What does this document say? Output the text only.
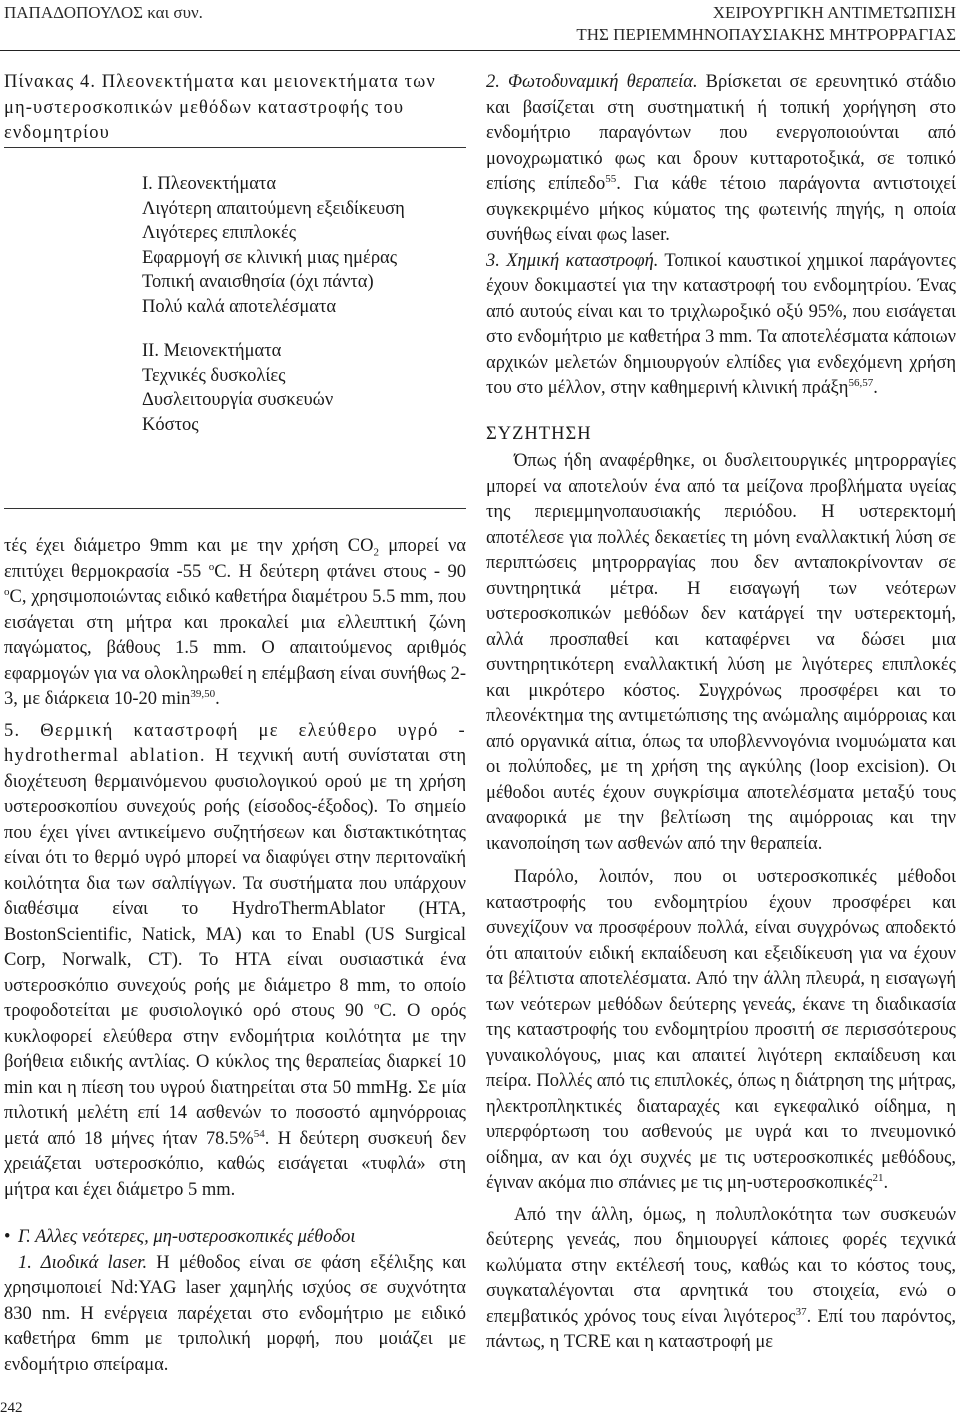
ΠΑΠΑΔΟΠΟΥΛΟΣ και συν.	ΧΕΙΡΟΥΡΓΙΚΗ ΑΝΤΙΜΕΤΩΠΙΣΗ
ΤΗΣ ΠΕΡΙΕΜΜΗΝΟΠΑΥΣΙΑΚΗΣ ΜΗΤΡΟΡΡΑΓΙΑΣ

Πίνακας 4. Πλεονεκτήματα και μειονεκτήματα των μη-υστεροσκοπικών μεθόδων καταστροφής του ενδομητρίου

Ι. Πλεονεκτήματα
Λιγότερη απαιτούμενη εξειδίκευση
Λιγότερες επιπλοκές
Εφαρμογή σε κλινική μιας ημέρας
Τοπική αναισθησία (όχι πάντα)
Πολύ καλά αποτελέσματα
ΙΙ. Μειονεκτήματα
Τεχνικές δυσκολίες
Δυσλειτουργία συσκευών
Κόστος

τές έχει διάμετρο 9mm και με την χρήση $CO_2$ μπορεί να επιτύχει θερμοκρασία -55 $^o$C. Η δεύτερη φτάνει στους - 90 $^o$C, χρησιμοποιώντας ειδικό καθετήρα διαμέτρου 5.5 mm, που εισάγεται στη μήτρα και προκαλεί μια ελλειπτική ζώνη παγώματος, βάθους 1.5 mm. Ο απαιτούμενος αριθμός εφαρμογών για να ολοκληρωθεί η επέμβαση είναι συνήθως 2-3, με διάρκεια 10-20 $\min^{39,50}$.

5. Θερμική καταστροφή με ελεύθερο υγρό - hydrothermal ablation. Η τεχνική αυτή συνίσταται στη διοχέτευση θερμαινόμενου φυσιολογικού ορού με τη χρήση υστεροσκοπίου συνεχούς ροής (είσοδος-έξοδος). Το σημείο που έχει γίνει αντικείμενο συζητήσεων και διστακτικότητας είναι ότι το θερμό υγρό μπορεί να διαφύγει στην περιτοναϊκή κοιλότητα δια των σαλπίγγων. Τα συστήματα που υπάρχουν διαθέσιμα είναι το HydroThermAblator (HTA, BostonScientific, Natick, MA) και το Enabl (US Surgical Corp, Norwalk, CT). Το HTA είναι ουσιαστικά ένα υστεροσκόπιο συνεχούς ροής με διάμετρο 8 mm, το οποίο τροφοδοτείται με φυσιολογικό ορό στους 90 $^o$C. Ο ορός κυκλοφορεί ελεύθερα στην ενδομήτρια κοιλότητα με την βοήθεια ειδικής αντλίας. Ο κύκλος της θεραπείας διαρκεί 10 min και η πίεση του υγρού διατηρείται στα 50 mmHg. Σε μία πιλοτική μελέτη επί 14 ασθενών το ποσοστό αμηνόρροιας μετά από 18 μήνες ήταν 78.5%$^{54}$. Η δεύτερη συσκευή δεν χρειάζεται υστεροσκόπιο, καθώς εισάγεται «τυφλά» στη μήτρα και έχει διάμετρο 5 mm.

• Γ. Αλλες νεότερες, μη-υστεροσκοπικές μέθοδοι

1. Διοδικά laser. Η μέθοδος είναι σε φάση εξέλιξης και χρησιμοποιεί Nd:YAG laser χαμηλής ισχύος σε συχνότητα 830 nm. Η ενέργεια παρέχεται στο ενδομήτριο με ειδικό καθετήρα 6mm με τριπολική μορφή, που μοιάζει με ενδομήτριο σπείραμα.

2. Φωτοδυναμική θεραπεία. Βρίσκεται σε ερευνητικό στάδιο και βασίζεται στη συστηματική ή τοπική χορήγηση στο ενδομήτριο παραγόντων που ενεργοποιούνται από μονοχρωματικό φως και δρουν κυτταροτοξικά, σε τοπικό επίσης επίπεδο$^{55}$. Για κάθε τέτοιο παράγοντα αντιστοιχεί συγκεκριμένο μήκος κύματος της φωτεινής πηγής, η οποία συνήθως είναι φως laser.

3. Χημική καταστροφή. Τοπικοί καυστικοί χημικοί παράγοντες έχουν δοκιμαστεί για την καταστροφή του ενδομητρίου. Ένας από αυτούς είναι και το τριχλωροξικό οξύ 95%, που εισάγεται στο ενδομήτριο με καθετήρα 3 mm. Τα αποτελέσματα κάποιων αρχικών μελετών δημιουργούν ελπίδες για ενδεχόμενη χρήση του στο μέλλον, στην καθημερινή κλινική πράξη$^{56,57}$.

ΣΥΖΗΤΗΣΗ

Όπως ήδη αναφέρθηκε, οι δυσλειτουργικές μητρορραγίες μπορεί να αποτελούν ένα από τα μείζονα προβλήματα υγείας της περιεμμηνοπαυσιακής περιόδου. Η υστερεκτομή αποτέλεσε για πολλές δεκαετίες τη μόνη εναλλακτική λύση σε περιπτώσεις μητρορραγίας που δεν ανταποκρίνονταν σε συντηρητικά μέτρα. Η εισαγωγή των νεότερων υστεροσκοπικών μεθόδων δεν κατάργεί την υστερεκτομή, αλλά προσπαθεί και καταφέρνει να δώσει μια συντηρητικότερη εναλλακτική λύση με λιγότερες επιπλοκές και μικρότερο κόστος. Συγχρόνως προσφέρει και το πλεονέκτημα της αντιμετώπισης της ανώμαλης αιμόρροιας και από οργανικά αίτια, όπως τα υποβλεννογόνια ινομυώματα και οι πολύποδες, με τη χρήση της αγκύλης (loop excision). Οι μέθοδοι αυτές έχουν συγκρίσιμα αποτελέσματα μεταξύ τους αναφορικά με την βελτίωση της αιμόρροιας και την ικανοποίηση των ασθενών από την θεραπεία.

Παρόλο, λοιπόν, που οι υστεροσκοπικές μέθοδοι καταστροφής του ενδομητρίου έχουν προσφέρει και συνεχίζουν να προσφέρουν πολλά, είναι συγχρόνως αποδεκτό ότι απαιτούν ειδική εκπαίδευση και εξειδίκευση για να έχουν τα βέλτιστα αποτελέσματα. Από την άλλη πλευρά, η εισαγωγή των νεότερων μεθόδων δεύτερης γενεάς, έκανε τη διαδικασία της καταστροφής του ενδομητρίου προσιτή σε περισσότερους γυναικολόγους, μιας και απαιτεί λιγότερη εκπαίδευση και πείρα. Πολλές από τις επιπλοκές, όπως η διάτρηση της μήτρας, ηλεκτροπληκτικές διαταραχές και εγκεφαλικό οίδημα, η υπερφόρτωση του ασθενούς με υγρά και το πνευμονικό οίδημα, αν και όχι συχνές με τις υστεροσκοπικές μεθόδους, έγιναν ακόμα πιο σπάνιες με τις μη-υστεροσκοπικές$^{21}$.

Από την άλλη, όμως, η πολυπλοκότητα των συσκευών δεύτερης γενεάς, που δημιουργεί κάποιες φορές τεχνικά κωλύματα στην εκτέλεσή τους, καθώς και το κόστος τους, συγκαταλέγονται στα αρνητικά του στοιχεία, ενώ ο επεμβατικός χρόνος τους είναι λιγότερος$^{37}$. Επί του παρόντος, πάντως, η TCRE και η καταστροφή με

242
